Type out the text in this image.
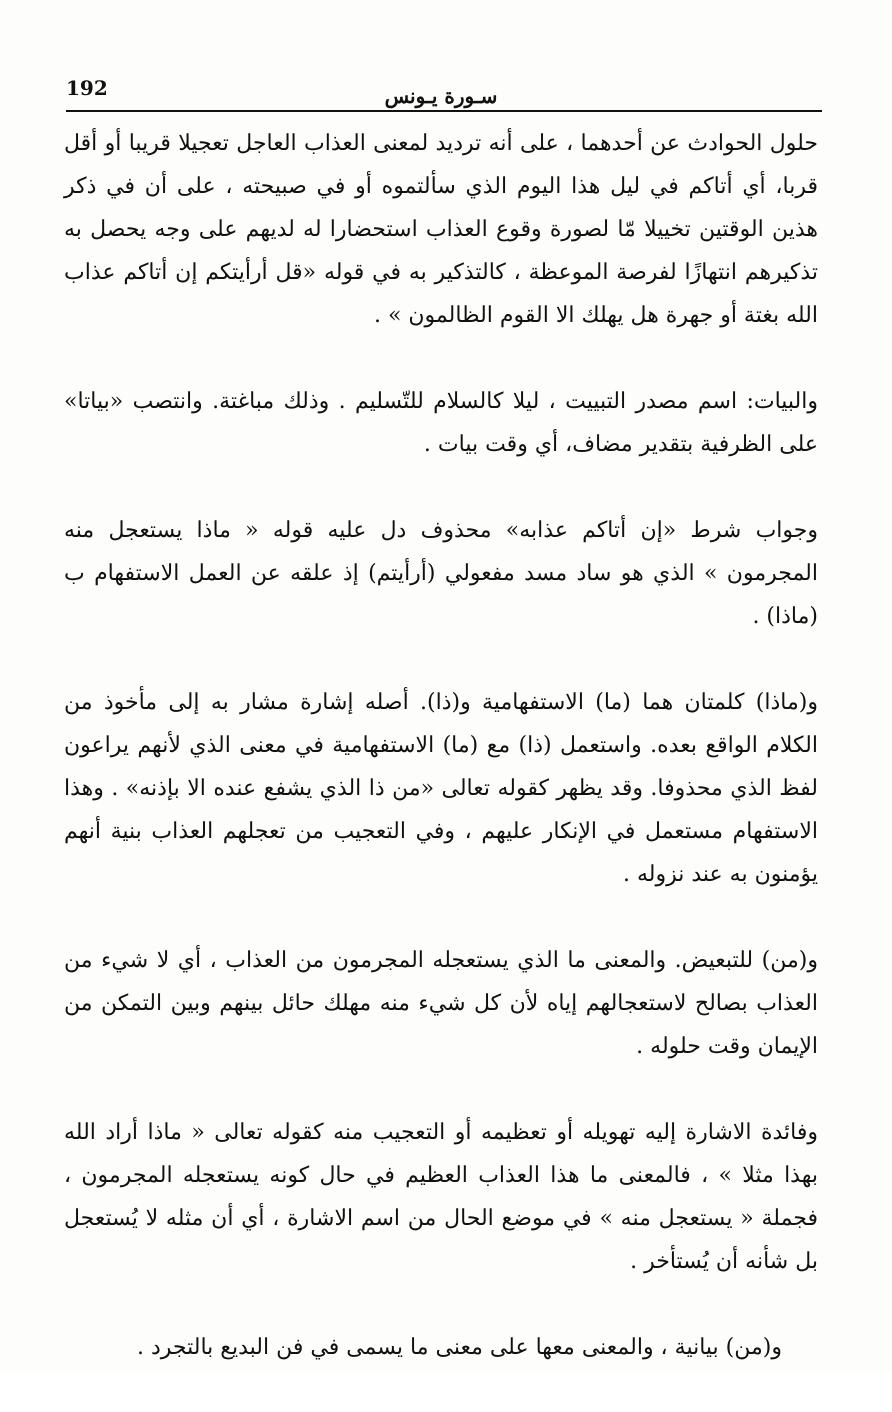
192	سـورة يـونس

حلول الحوادث عن أحدهما ، على أنه ترديد لمعنى العذاب العاجل تعجيلا قريبا أو أقل قربا، أي أتاكم في ليل هذا اليوم الذي سألتموه أو في صبيحته ، على أن في ذكر هذين الوقتين تخييلا مّا لصورة وقوع العذاب استحضارا له لديهم على وجه يحصل به تذكيرهم انتهازًا لفرصة الموعظة ، كالتذكير به في قوله «قل أرأيتكم إن أتاكم عذاب الله بغتة أو جهرة هل يهلك الا القوم الظالمون » .

والبيات: اسم مصدر التبييت ، ليلا كالسلام للتّسليم . وذلك مباغتة. وانتصب «بياتا» على الظرفية بتقدير مضاف، أي وقت بيات .

وجواب شرط «إن أتاكم عذابه» محذوف دل عليه قوله « ماذا يستعجل منه المجرمون » الذي هو ساد مسد مفعولي (أرأيتم) إذ علقه عن العمل الاستفهام ب (ماذا) .

و(ماذا) كلمتان هما (ما) الاستفهامية و(ذا). أصله إشارة مشار به إلى مأخوذ من الكلام الواقع بعده. واستعمل (ذا) مع (ما) الاستفهامية في معنى الذي لأنهم يراعون لفظ الذي محذوفا. وقد يظهر كقوله تعالى «من ذا الذي يشفع عنده الا بإذنه» . وهذا الاستفهام مستعمل في الإنكار عليهم ، وفي التعجيب من تعجلهم العذاب بنية أنهم يؤمنون به عند نزوله .

و(من) للتبعيض. والمعنى ما الذي يستعجله المجرمون من العذاب ، أي لا شيء من العذاب بصالح لاستعجالهم إياه لأن كل شيء منه مهلك حائل بينهم وبين التمكن من الإيمان وقت حلوله .

وفائدة الاشارة إليه تهويله أو تعظيمه أو التعجيب منه كقوله تعالى « ماذا أراد الله بهذا مثلا » ، فالمعنى ما هذا العذاب العظيم في حال كونه يستعجله المجرمون ، فجملة « يستعجل منه » في موضع الحال من اسم الاشارة ، أي أن مثله لا يُستعجل بل شأنه أن يُستأخر .

و(من) بيانية ، والمعنى معها على معنى ما يسمى في فن البديع بالتجرد .
